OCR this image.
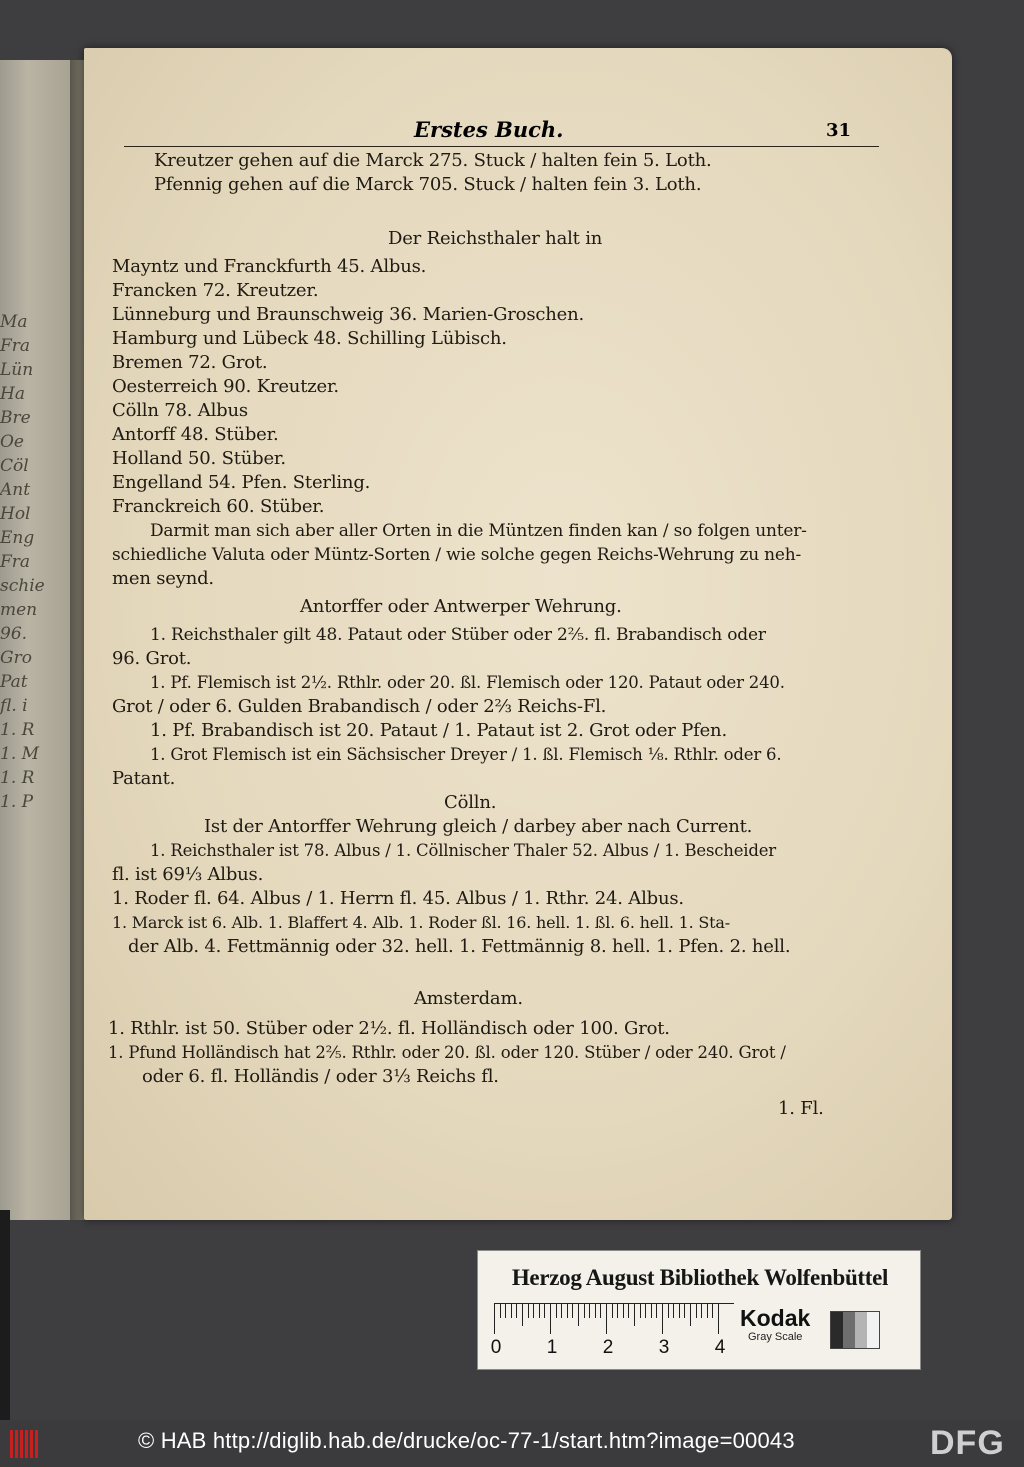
Ma
Fra
Lün
Ha
Bre
Oe
Cöl
Ant
Hol
Eng
Fra
schie
men
96.
Gro
Pat
fl. i
1. R
1. M
1. R
1. P
Erstes Buch.	31
Kreutzer gehen auf die Marck 275. Stuck / halten fein 5. Loth.
Pfennig gehen auf die Marck 705. Stuck / halten fein 3. Loth.
Der Reichsthaler halt in
Mayntz und Franckfurth 45. Albus.
Francken 72. Kreutzer.
Lünneburg und Braunschweig 36. Marien-Groschen.
Hamburg und Lübeck 48. Schilling Lübisch.
Bremen 72. Grot.
Oesterreich 90. Kreutzer.
Cölln 78. Albus
Antorff 48. Stüber.
Holland 50. Stüber.
Engelland 54. Pfen. Sterling.
Franckreich 60. Stüber.
Darmit man sich aber aller Orten in die Müntzen finden kan / so folgen unter-
schiedliche Valuta oder Müntz-Sorten / wie solche gegen Reichs-Wehrung zu neh-
men seynd.
Antorffer oder Antwerper Wehrung.
1. Reichsthaler gilt 48. Pataut oder Stüber oder 2⅖. fl. Brabandisch oder
96. Grot.
1. Pf. Flemisch ist 2½. Rthlr. oder 20. ßl. Flemisch oder 120. Pataut oder 240.
Grot / oder 6. Gulden Brabandisch / oder 2⅔ Reichs-Fl.
1. Pf. Brabandisch ist 20. Pataut / 1. Pataut ist 2. Grot oder Pfen.
1. Grot Flemisch ist ein Sächsischer Dreyer / 1. ßl. Flemisch ⅛. Rthlr. oder 6.
Patant.
Cölln.
Ist der Antorffer Wehrung gleich / darbey aber nach Current.
1. Reichsthaler ist 78. Albus / 1. Cöllnischer Thaler 52. Albus / 1. Bescheider
fl. ist 69⅓ Albus.
1. Roder fl. 64. Albus / 1. Herrn fl. 45. Albus / 1. Rthr. 24. Albus.
1. Marck ist 6. Alb. 1. Blaffert 4. Alb. 1. Roder ßl. 16. hell. 1. ßl. 6. hell. 1. Sta-
der Alb. 4. Fettmännig oder 32. hell. 1. Fettmännig 8. hell. 1. Pfen. 2. hell.
Amsterdam.
1. Rthlr. ist 50. Stüber oder 2½. fl. Holländisch oder 100. Grot.
1. Pfund Holländisch hat 2⅖. Rthlr. oder 20. ßl. oder 120. Stüber / oder 240. Grot /
oder 6. fl. Holländis / oder 3⅓ Reichs fl.
1. Fl.
Herzog August Bibliothek Wolfenbüttel
0 1 2 3 4
Kodak
Gray Scale
© HAB http://diglib.hab.de/drucke/oc-77-1/start.htm?image=00043	DFG
